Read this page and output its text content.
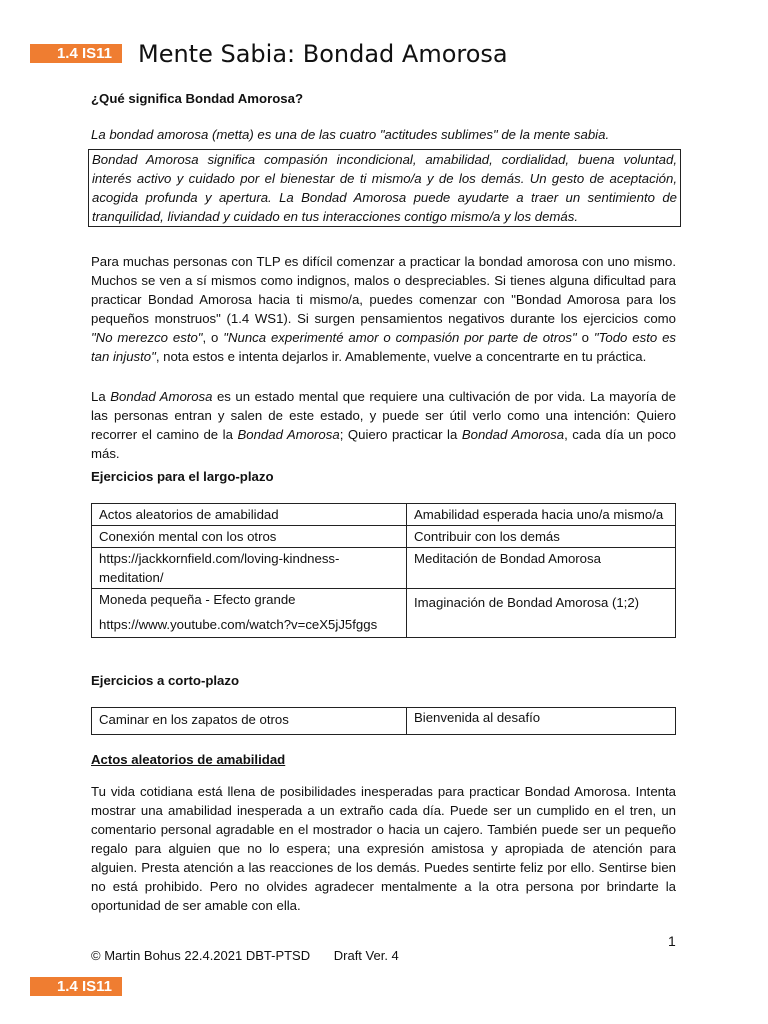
1.4 IS11	Mente Sabia: Bondad Amorosa
¿Qué significa Bondad Amorosa?
La bondad amorosa (metta) es una de las cuatro "actitudes sublimes" de la mente sabia.
Bondad Amorosa significa compasión incondicional, amabilidad, cordialidad, buena voluntad, interés activo y cuidado por el bienestar de ti mismo/a y de los demás. Un gesto de aceptación, acogida profunda y apertura. La Bondad Amorosa puede ayudarte a traer un sentimiento de tranquilidad, liviandad y cuidado en tus interacciones contigo mismo/a y los demás.
Para muchas personas con TLP es difícil comenzar a practicar la bondad amorosa con uno mismo. Muchos se ven a sí mismos como indignos, malos o despreciables. Si tienes alguna dificultad para practicar Bondad Amorosa hacia ti mismo/a, puedes comenzar con "Bondad Amorosa para los pequeños monstruos" (1.4 WS1). Si surgen pensamientos negativos durante los ejercicios como "No merezco esto", o "Nunca experimenté amor o compasión por parte de otros" o "Todo esto es tan injusto", nota estos e intenta dejarlos ir. Amablemente, vuelve a concentrarte en tu práctica.
La Bondad Amorosa es un estado mental que requiere una cultivación de por vida. La mayoría de las personas entran y salen de este estado, y puede ser útil verlo como una intención: Quiero recorrer el camino de la Bondad Amorosa; Quiero practicar la Bondad Amorosa, cada día un poco más.
Ejercicios para el largo-plazo
Actos aleatorios de amabilidad	Amabilidad esperada hacia uno/a mismo/a
Conexión mental con los otros	Contribuir con los demás
https://jackkornfield.com/loving-kindness-meditation/	Meditación de Bondad Amorosa

Moneda pequeña - Efecto grande
https://www.youtube.com/watch?v=ceX5jJ5fggs	Imaginación de Bondad Amorosa (1;2)
Ejercicios a corto-plazo
Caminar en los zapatos de otros	Bienvenida al desafío
Actos aleatorios de amabilidad
Tu vida cotidiana está llena de posibilidades inesperadas para practicar Bondad Amorosa. Intenta mostrar una amabilidad inesperada a un extraño cada día. Puede ser un cumplido en el tren, un comentario personal agradable en el mostrador o hacia un cajero. También puede ser un pequeño regalo para alguien que no lo espera; una expresión amistosa y apropiada de atención para alguien. Presta atención a las reacciones de los demás. Puedes sentirte feliz por ello. Sentirse bien no está prohibido. Pero no olvides agradecer mentalmente a la otra persona por brindarte la oportunidad de ser amable con ella.
1
© Martin Bohus 22.4.2021 DBT-PTSD Draft Ver. 4
1.4 IS11
